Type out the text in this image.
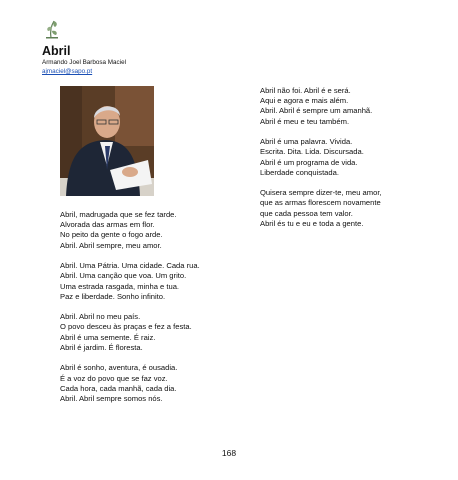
Abril
Armando Joel Barbosa Maciel
ajmaciel@sapo.pt

Abril, madrugada que se fez tarde.
Alvorada das armas em flor.
No peito da gente o fogo arde.
Abril. Abril sempre, meu amor.

Abril. Uma Pátria. Uma cidade. Cada rua.
Abril. Uma canção que voa. Um grito.
Uma estrada rasgada, minha e tua.
Paz e liberdade. Sonho infinito.

Abril. Abril no meu país.
O povo desceu às praças e fez a festa.
Abril é uma semente. É raiz.
Abril é jardim. É floresta.

Abril é sonho, aventura, é ousadia.
É a voz do povo que se faz voz.
Cada hora, cada manhã, cada dia.
Abril. Abril sempre somos nós.

Abril não foi. Abril é e será.
Aqui e agora e mais além.
Abril. Abril é sempre um amanhã.
Abril é meu e teu também.

Abril é uma palavra. Vivida.
Escrita. Dita. Lida. Discursada.
Abril é um programa de vida.
Liberdade conquistada.

Quisera sempre dizer-te, meu amor,
que as armas florescem novamente
que cada pessoa tem valor.
Abril és tu e eu e toda a gente.

168
